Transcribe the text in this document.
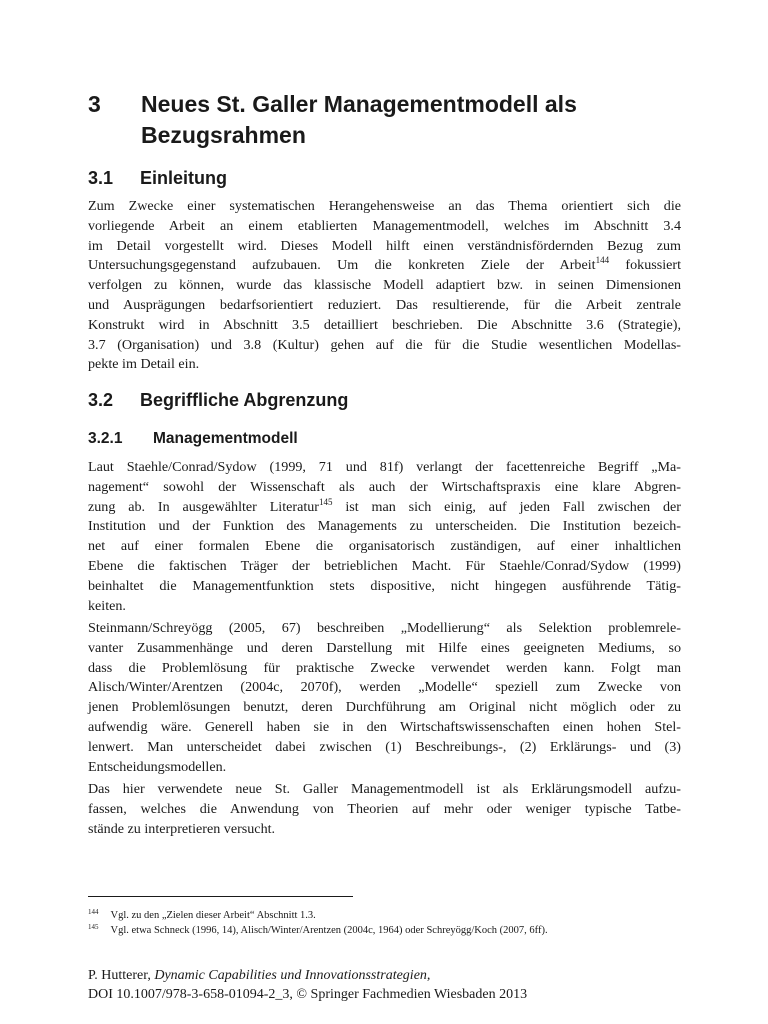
3 Neues St. Galler Managementmodell als
Bezugsrahmen
3.1 Einleitung
Zum Zwecke einer systematischen Herangehensweise an das Thema orientiert sich die
vorliegende Arbeit an einem etablierten Managementmodell, welches im Abschnitt 3.4
im Detail vorgestellt wird. Dieses Modell hilft einen verständnisfördernden Bezug zum
Untersuchungsgegenstand aufzubauen. Um die konkreten Ziele der Arbeit$^{144}$ fokussiert
verfolgen zu können, wurde das klassische Modell adaptiert bzw. in seinen Dimensionen
und Ausprägungen bedarfsorientiert reduziert. Das resultierende, für die Arbeit zentrale
Konstrukt wird in Abschnitt 3.5 detailliert beschrieben. Die Abschnitte 3.6 (Strategie),
3.7 (Organisation) und 3.8 (Kultur) gehen auf die für die Studie wesentlichen Modellas-
pekte im Detail ein.
3.2 Begriffliche Abgrenzung
3.2.1 Managementmodell
Laut Staehle/Conrad/Sydow (1999, 71 und 81f) verlangt der facettenreiche Begriff „Ma-
nagement“ sowohl der Wissenschaft als auch der Wirtschaftspraxis eine klare Abgren-
zung ab. In ausgewählter Literatur$^{145}$ ist man sich einig, auf jeden Fall zwischen der
Institution und der Funktion des Managements zu unterscheiden. Die Institution bezeich-
net auf einer formalen Ebene die organisatorisch zuständigen, auf einer inhaltlichen
Ebene die faktischen Träger der betrieblichen Macht. Für Staehle/Conrad/Sydow (1999)
beinhaltet die Managementfunktion stets dispositive, nicht hingegen ausführende Tätig-
keiten.
Steinmann/Schreyögg (2005, 67) beschreiben „Modellierung“ als Selektion problemrele-
vanter Zusammenhänge und deren Darstellung mit Hilfe eines geeigneten Mediums, so
dass die Problemlösung für praktische Zwecke verwendet werden kann. Folgt man
Alisch/Winter/Arentzen (2004c, 2070f), werden „Modelle“ speziell zum Zwecke von
jenen Problemlösungen benutzt, deren Durchführung am Original nicht möglich oder zu
aufwendig wäre. Generell haben sie in den Wirtschaftswissenschaften einen hohen Stel-
lenwert. Man unterscheidet dabei zwischen (1) Beschreibungs-, (2) Erklärungs- und (3)
Entscheidungsmodellen.
Das hier verwendete neue St. Galler Managementmodell ist als Erklärungsmodell aufzu-
fassen, welches die Anwendung von Theorien auf mehr oder weniger typische Tatbe-
stände zu interpretieren versucht.
$^{144}$ Vgl. zu den „Zielen dieser Arbeit“ Abschnitt 1.3.
$^{145}$ Vgl. etwa Schneck (1996, 14), Alisch/Winter/Arentzen (2004c, 1964) oder Schreyögg/Koch (2007, 6ff).
P. Hutterer, Dynamic Capabilities und Innovationsstrategien,
DOI 10.1007/978-3-658-01094-2_3, © Springer Fachmedien Wiesbaden 2013
